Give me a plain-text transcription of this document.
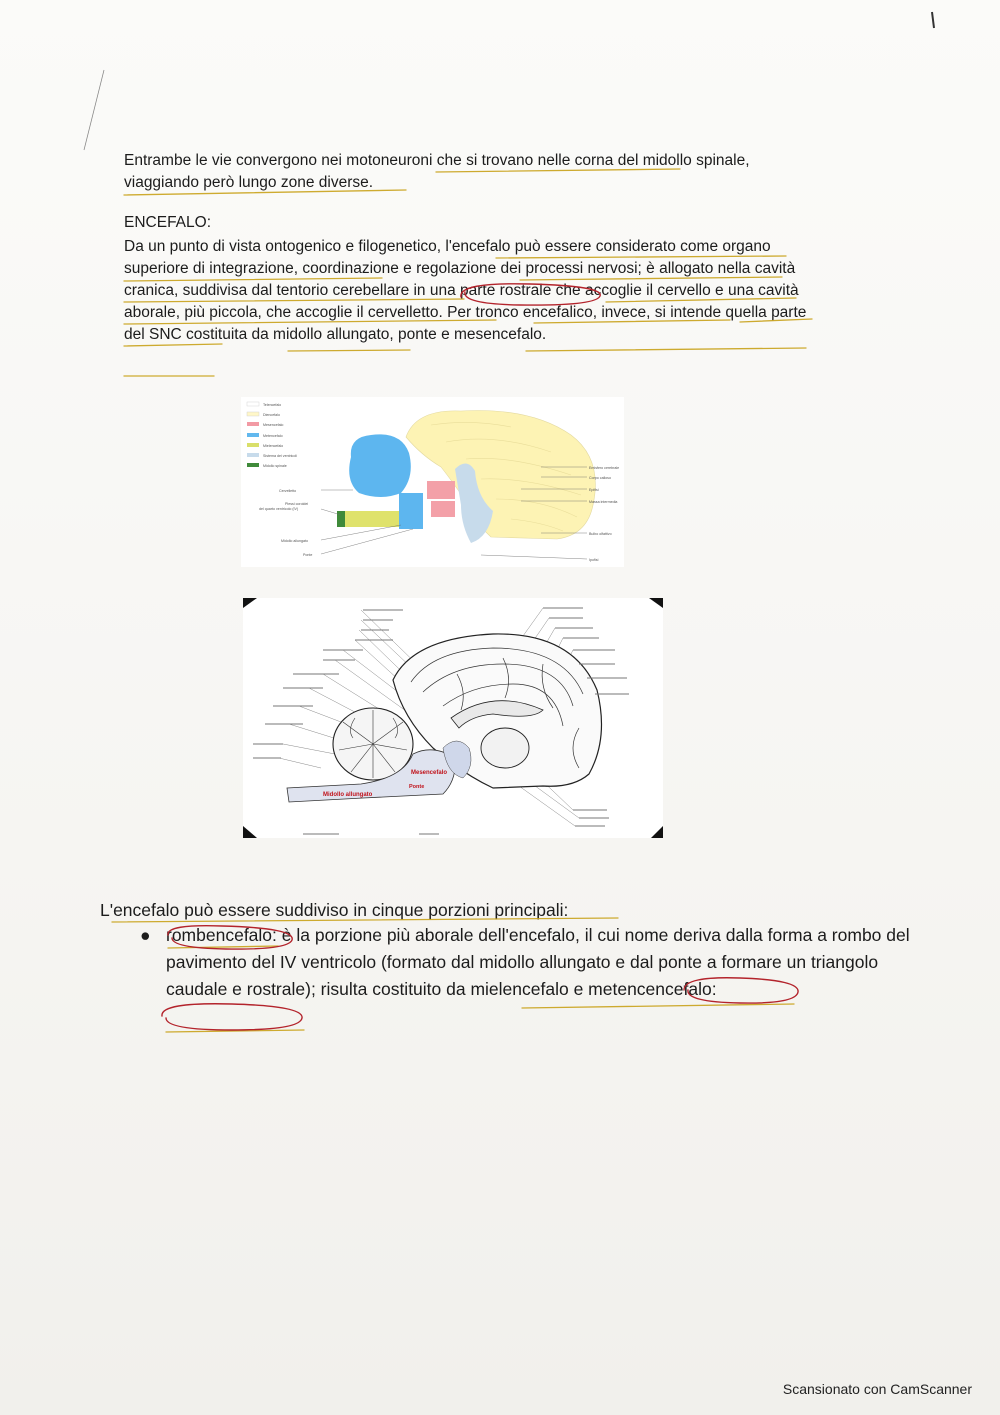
Entrambe le vie convergono nei motoneuroni che si trovano nelle corna del midollo spinale, viaggiando però lungo zone diverse.
ENCEFALO:
Da un punto di vista ontogenico e filogenetico, l'encefalo può essere considerato come organo superiore di integrazione, coordinazione e regolazione dei processi nervosi; è allogato nella cavità cranica, suddivisa dal tentorio cerebellare in una parte rostrale che accoglie il cervello e una cavità aborale, più piccola, che accoglie il cervelletto. Per tronco encefalico, invece, si intende quella parte del SNC costituita da midollo allungato, ponte e mesencefalo.
Telencefalo
Diencefalo
Mesencefalo
Metencefalo
Mielencefalo
Sistema dei ventricoli
Midollo spinale
Cervelletto
Plessi coroidei
del quarto ventricolo (IV)
Midollo allungato
Ponte
Emisfero cerebrale
Corpo calloso
Epifisi
Massa intermedia
Bulbo olfattivo
Ipofisi
Mesencefalo
Ponte
Midollo allungato
L'encefalo può essere suddiviso in cinque porzioni principali:
● rombencefalo: è la porzione più aborale dell'encefalo, il cui nome deriva dalla forma a rombo del pavimento del IV ventricolo (formato dal midollo allungato e dal ponte a formare un triangolo caudale e rostrale); risulta costituito da mielencefalo e metencencefalo:
Scansionato con CamScanner
